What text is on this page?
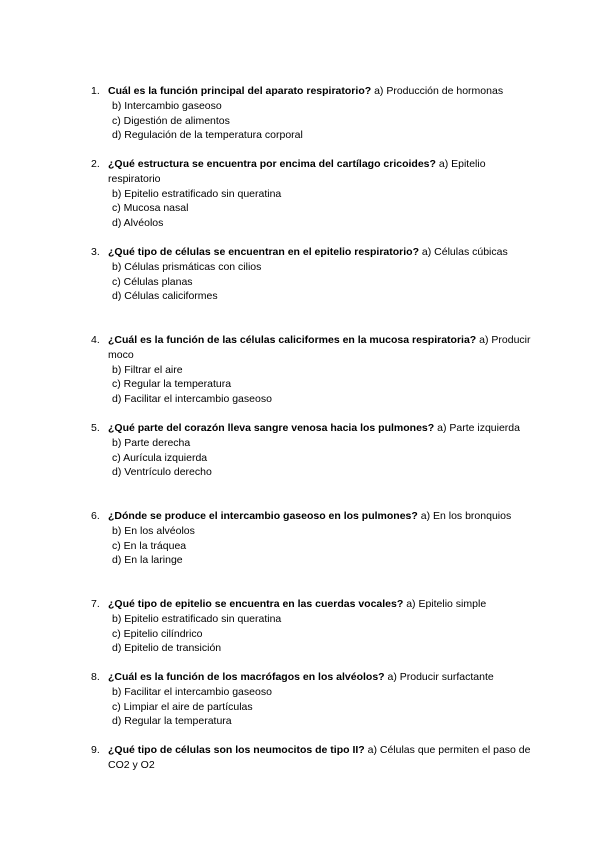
1. Cuál es la función principal del aparato respiratorio? a) Producción de hormonas
b) Intercambio gaseoso
c) Digestión de alimentos
d) Regulación de la temperatura corporal
2. ¿Qué estructura se encuentra por encima del cartílago cricoides? a) Epitelio respiratorio
b) Epitelio estratificado sin queratina
c) Mucosa nasal
d) Alvéolos
3. ¿Qué tipo de células se encuentran en el epitelio respiratorio? a) Células cúbicas
b) Células prismáticas con cilios
c) Células planas
d) Células caliciformes
4. ¿Cuál es la función de las células caliciformes en la mucosa respiratoria? a) Producir moco
b) Filtrar el aire
c) Regular la temperatura
d) Facilitar el intercambio gaseoso
5. ¿Qué parte del corazón lleva sangre venosa hacia los pulmones? a) Parte izquierda
b) Parte derecha
c) Aurícula izquierda
d) Ventrículo derecho
6. ¿Dónde se produce el intercambio gaseoso en los pulmones? a) En los bronquios
b) En los alvéolos
c) En la tráquea
d) En la laringe
7. ¿Qué tipo de epitelio se encuentra en las cuerdas vocales? a) Epitelio simple
b) Epitelio estratificado sin queratina
c) Epitelio cilíndrico
d) Epitelio de transición
8. ¿Cuál es la función de los macrófagos en los alvéolos? a) Producir surfactante
b) Facilitar el intercambio gaseoso
c) Limpiar el aire de partículas
d) Regular la temperatura
9. ¿Qué tipo de células son los neumocitos de tipo II? a) Células que permiten el paso de CO2 y O2
